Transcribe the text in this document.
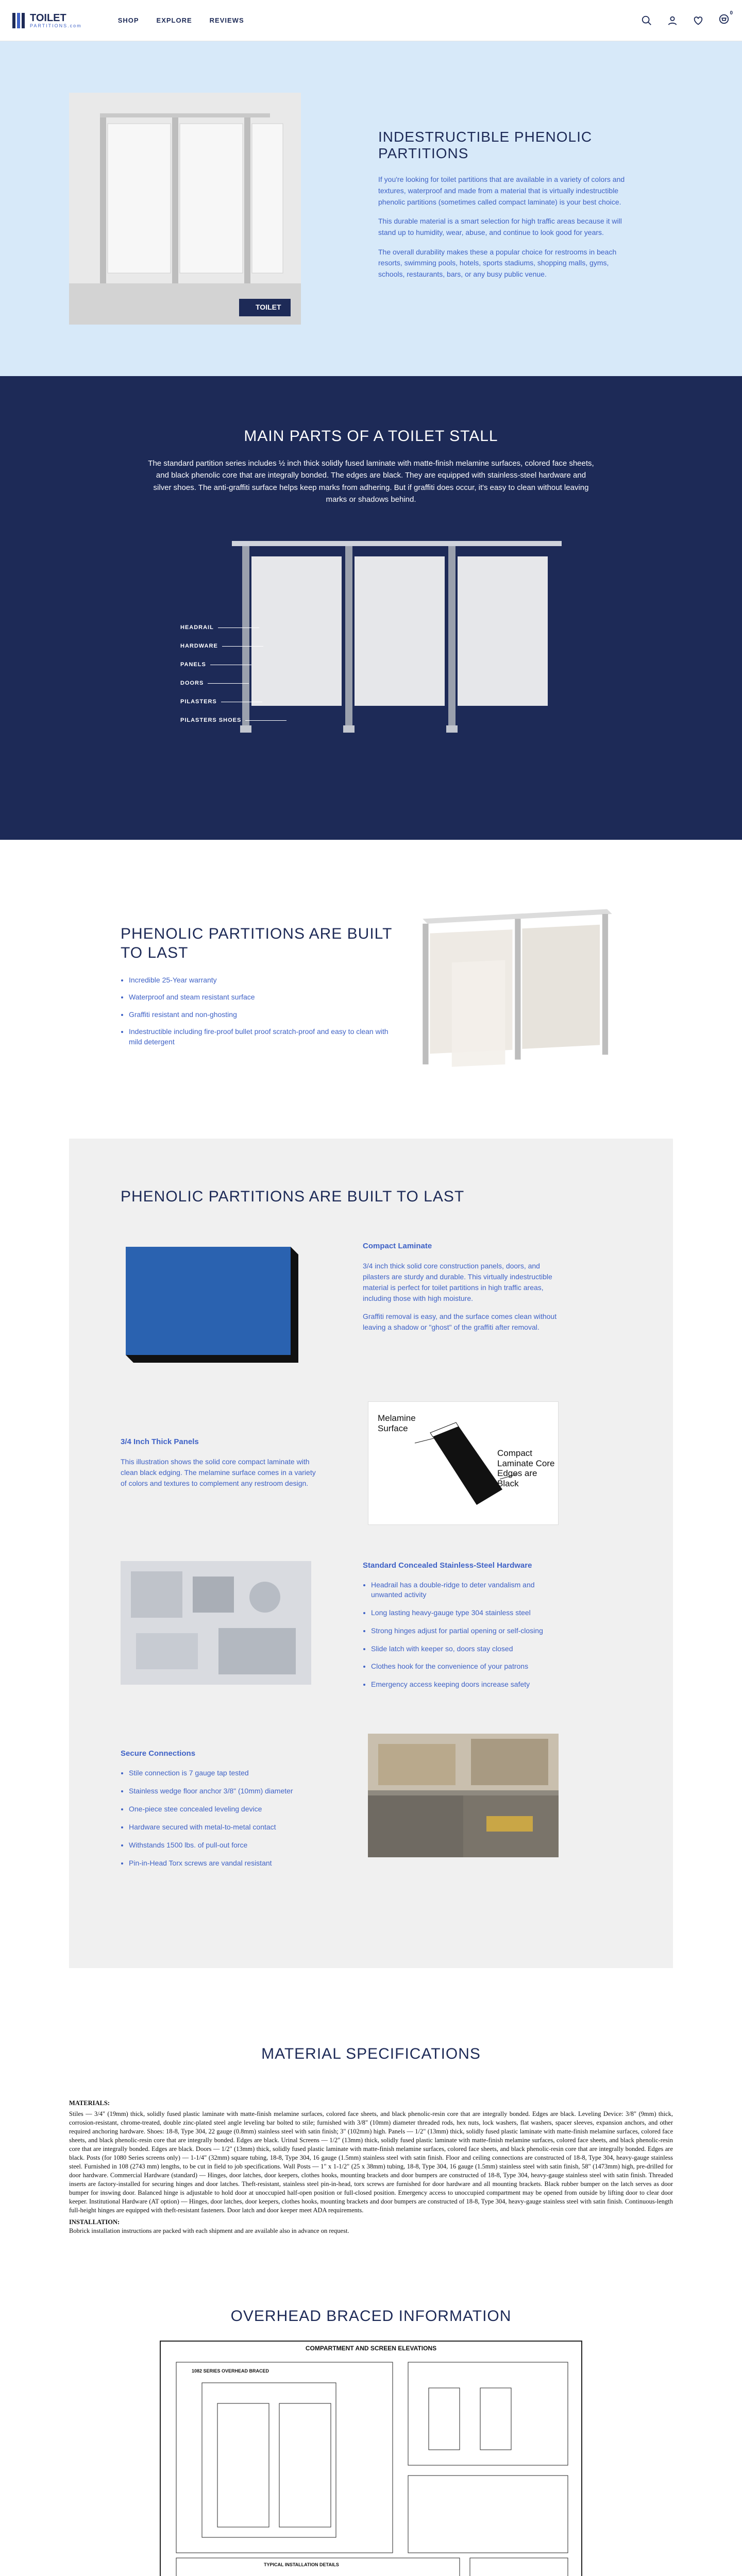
TOILET
PARTITIONS.com
SHOP	EXPLORE	REVIEWS
0
TOILET
INDESTRUCTIBLE PHENOLIC PARTITIONS

If you're looking for toilet partitions that are available in a variety of colors and textures, waterproof and made from a material that is virtually indestructible phenolic partitions (sometimes called compact laminate) is your best choice.

This durable material is a smart selection for high traffic areas because it will stand up to humidity, wear, abuse, and continue to look good for years.

The overall durability makes these a popular choice for restrooms in beach resorts, swimming pools, hotels, sports stadiums, shopping malls, gyms, schools, restaurants, bars, or any busy public venue.

MAIN PARTS OF A TOILET STALL

The standard partition series includes ½ inch thick solidly fused laminate with matte-finish melamine surfaces, colored face sheets, and black phenolic core that are integrally bonded. The edges are black. They are equipped with stainless-steel hardware and silver shoes. The anti-graffiti surface helps keep marks from adhering. But if graffiti does occur, it's easy to clean without leaving marks or shadows behind.

HEADRAIL
HARDWARE
PANELS
DOORS
PILASTERS
PILASTERS SHOES
PHENOLIC PARTITIONS ARE BUILT TO LAST
• Incredible 25-Year warranty
• Waterproof and steam resistant surface
• Graffiti resistant and non-ghosting
• Indestructible including fire-proof bullet proof scratch-proof and easy to clean with mild detergent
PHENOLIC PARTITIONS ARE BUILT TO LAST
Compact Laminate

3/4 inch thick solid core construction panels, doors, and pilasters are sturdy and durable. This virtually indestructible material is perfect for toilet partitions in high traffic areas, including those with high moisture.

Graffiti removal is easy, and the surface comes clean without leaving a shadow or "ghost" of the graffiti after removal.

3/4 Inch Thick Panels

This illustration shows the solid core compact laminate with clean black edging. The melamine surface comes in a variety of colors and textures to complement any restroom design.

Melamine Surface
Compact Laminate Core Edges are Black
Standard Concealed Stainless-Steel Hardware
• Headrail has a double-ridge to deter vandalism and unwanted activity
• Long lasting heavy-gauge type 304 stainless steel
• Strong hinges adjust for partial opening or self-closing
• Slide latch with keeper so, doors stay closed
• Clothes hook for the convenience of your patrons
• Emergency access keeping doors increase safety
Secure Connections
• Stile connection is 7 gauge tap tested
• Stainless wedge floor anchor 3/8" (10mm) diameter
• One-piece stee concealed leveling device
• Hardware secured with metal-to-metal contact
• Withstands 1500 lbs. of pull-out force
• Pin-in-Head Torx screws are vandal resistant
MATERIAL SPECIFICATIONS
MATERIALS:
Stiles — 3/4" (19mm) thick, solidly fused plastic laminate with matte-finish melamine surfaces, colored face sheets, and black phenolic-resin core that are integrally bonded. Edges are black. Leveling Device: 3/8" (9mm) thick, corrosion-resistant, chrome-treated, double zinc-plated steel angle leveling bar bolted to stile; furnished with 3/8" (10mm) diameter threaded rods, hex nuts, lock washers, flat washers, spacer sleeves, expansion anchors, and other required anchoring hardware. Shoes: 18-8, Type 304, 22 gauge (0.8mm) stainless steel with satin finish; 3" (102mm) high. Panels — 1/2" (13mm) thick, solidly fused plastic laminate with matte-finish melamine surfaces, colored face sheets, and black phenolic-resin core that are integrally bonded. Edges are black. Urinal Screens — 1/2" (13mm) thick, solidly fused plastic laminate with matte-finish melamine surfaces, colored face sheets, and black phenolic-resin core that are integrally bonded. Edges are black. Doors — 1/2" (13mm) thick, solidly fused plastic laminate with matte-finish melamine surfaces, colored face sheets, and black phenolic-resin core that are integrally bonded. Edges are black. Posts (for 1080 Series screens only) — 1-1/4" (32mm) square tubing, 18-8, Type 304, 16 gauge (1.5mm) stainless steel with satin finish. Floor and ceiling connections are constructed of 18-8, Type 304, heavy-gauge stainless steel. Furnished in 108 (2743 mm) lengths, to be cut in field to job specifications. Wall Posts — 1" x 1-1/2" (25 x 38mm) tubing, 18-8, Type 304, 16 gauge (1.5mm) stainless steel with satin finish, 58" (1473mm) high, pre-drilled for door hardware. Commercial Hardware (standard) — Hinges, door latches, door keepers, clothes hooks, mounting brackets and door bumpers are constructed of 18-8, Type 304, heavy-gauge stainless steel with satin finish. Threaded inserts are factory-installed for securing hinges and door latches. Theft-resistant, stainless steel pin-in-head, torx screws are furnished for door hardware and all mounting brackets. Black rubber bumper on the latch serves as door bumper for inswing door. Balanced hinge is adjustable to hold door at unoccupied half-open position or full-closed position. Emergency access to unoccupied compartment may be opened from outside by lifting door to clear door keeper. Institutional Hardware (AT option) — Hinges, door latches, door keepers, clothes hooks, mounting brackets and door bumpers are constructed of 18-8, Type 304, heavy-gauge stainless steel with satin finish. Continuous-length full-height hinges are equipped with theft-resistant fasteners. Door latch and door keeper meet ADA requirements.
INSTALLATION:
Bobrick installation instructions are packed with each shipment and are available also in advance on request.
OVERHEAD BRACED INFORMATION
COMPARTMENT AND SCREEN ELEVATIONS
1082 SERIES OVERHEAD BRACED
TYPICAL INSTALLATION DETAILS
